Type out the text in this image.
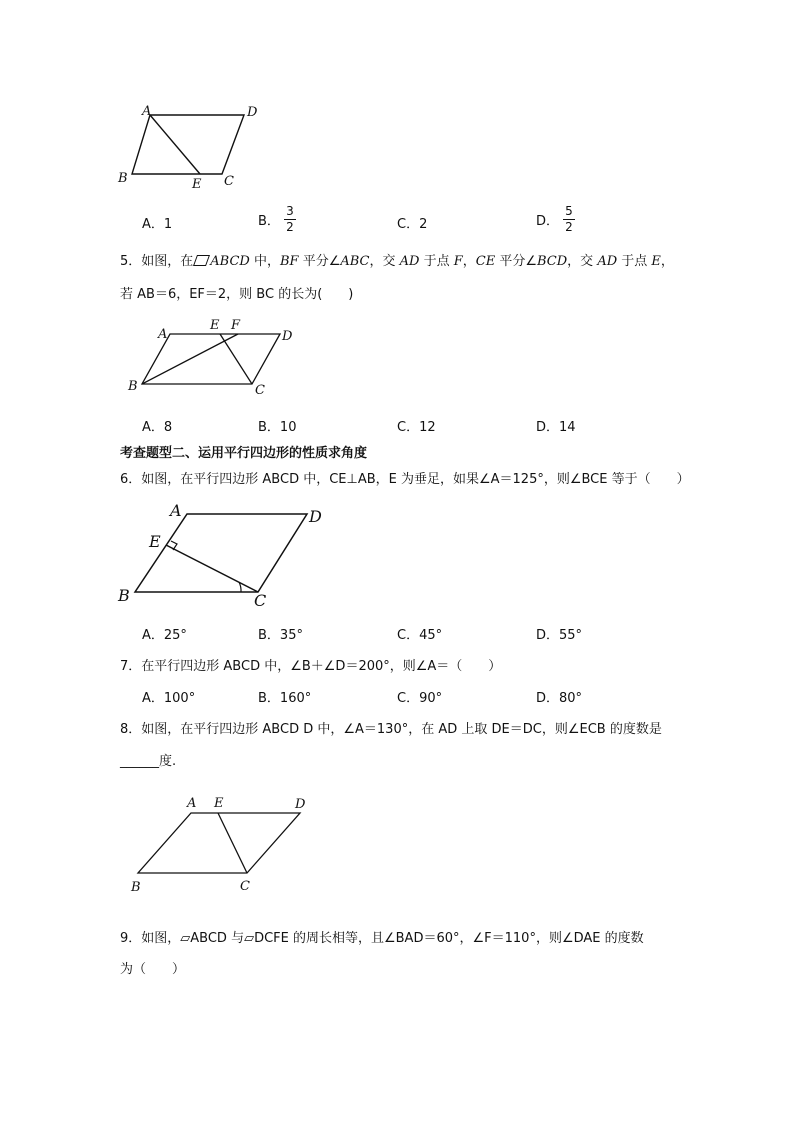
A	D
B	E C
A．1	B． $\frac{3}{2}$	C．2	D． $\frac{5}{2}$
5．如图，在 ABCD 中，BF 平分∠ABC，交 AD 于点 F，CE 平分∠BCD，交 AD 于点 E，
若 AB＝6，EF＝2，则 BC 的长为(　　)
A
E F
D
B	C
A．8	B．10	C．12	D．14
考查题型二、运用平行四边形的性质求角度
6．如图，在平行四边形 ABCD 中，CE⊥AB，E 为垂足，如果∠A＝125°，则∠BCE 等于（　　）
A	D
E
B	C
A．25°	B．35°	C．45°	D．55°
7．在平行四边形 ABCD 中，∠B＋∠D＝200°，则∠A＝（　　）
A．100°	B．160°	C．90°	D．80°
8．如图，在平行四边形 ABCD D 中，∠A＝130°，在 AD 上取 DE＝DC，则∠ECB 的度数是
______度.
A E	D
B	C
9．如图，▱ABCD 与▱DCFE 的周长相等，且∠BAD＝60°，∠F＝110°，则∠DAE 的度数
为（　　）
